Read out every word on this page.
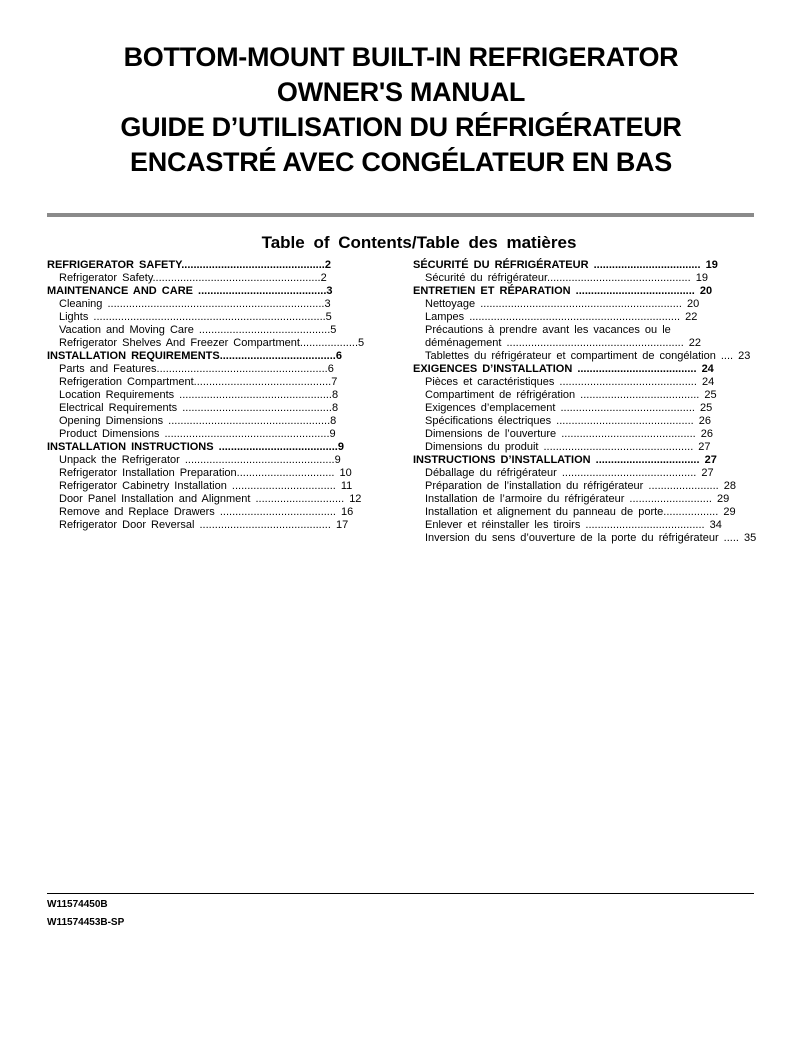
BOTTOM-MOUNT BUILT-IN REFRIGERATOR
OWNER'S MANUAL
GUIDE D’UTILISATION DU RÉFRIGÉRATEUR
ENCASTRÉ AVEC CONGÉLATEUR EN BAS
Table of Contents/Table des matières
REFRIGERATOR SAFETY...............................................2
Refrigerator Safety.......................................................2
MAINTENANCE AND CARE ..........................................3
Cleaning .......................................................................3
Lights ............................................................................5
Vacation and Moving Care ...........................................5
Refrigerator Shelves And Freezer Compartment...................5
INSTALLATION REQUIREMENTS......................................6
Parts and Features........................................................6
Refrigeration Compartment.............................................7
Location Requirements ..................................................8
Electrical Requirements .................................................8
Opening Dimensions .....................................................8
Product Dimensions ......................................................9
INSTALLATION INSTRUCTIONS .......................................9
Unpack the Refrigerator .................................................9
Refrigerator Installation Preparation................................ 10
Refrigerator Cabinetry Installation .................................. 11
Door Panel Installation and Alignment ............................. 12
Remove and Replace Drawers ...................................... 16
Refrigerator Door Reversal ........................................... 17
SÉCURITÉ DU RÉFRIGÉRATEUR ................................... 19
Sécurité du réfrigérateur............................................... 19
ENTRETIEN ET RÉPARATION ....................................... 20
Nettoyage .................................................................. 20
Lampes ..................................................................... 22
Précautions à prendre avant les vacances ou le
déménagement .......................................................... 22
Tablettes du réfrigérateur et compartiment de congélation .... 23
EXIGENCES D’INSTALLATION ....................................... 24
Pièces et caractéristiques ............................................. 24
Compartiment de réfrigération ....................................... 25
Exigences d’emplacement ............................................ 25
Spécifications électriques ............................................. 26
Dimensions de l’ouverture ............................................ 26
Dimensions du produit ................................................. 27
INSTRUCTIONS D’INSTALLATION .................................. 27
Déballage du réfrigérateur ............................................ 27
Préparation de l’installation du réfrigérateur ....................... 28
Installation de l’armoire du réfrigérateur ........................... 29
Installation et alignement du panneau de porte.................. 29
Enlever et réinstaller les tiroirs ....................................... 34
Inversion du sens d’ouverture de la porte du réfrigérateur ..... 35
W11574450B
W11574453B-SP
